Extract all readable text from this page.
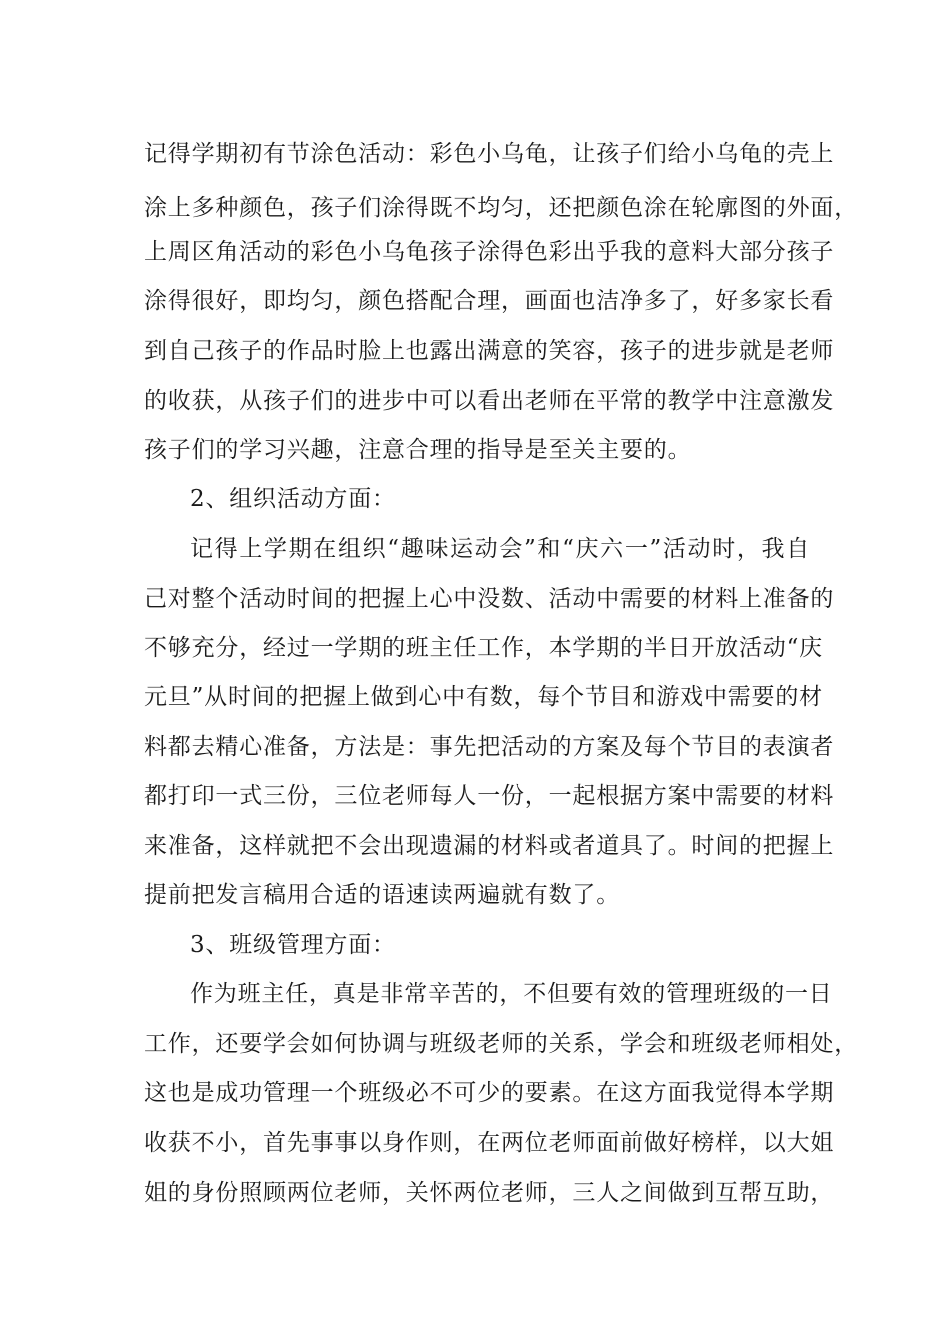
记得学期初有节涂色活动：彩色小乌龟，让孩子们给小乌龟的壳上

涂上多种颜色，孩子们涂得既不均匀，还把颜色涂在轮廓图的外面，

上周区角活动的彩色小乌龟孩子涂得色彩出乎我的意料大部分孩子

涂得很好，即均匀，颜色搭配合理，画面也洁净多了，好多家长看

到自己孩子的作品时脸上也露出满意的笑容，孩子的进步就是老师

的收获，从孩子们的进步中可以看出老师在平常的教学中注意激发

孩子们的学习兴趣，注意合理的指导是至关主要的。

2、组织活动方面：

记得上学期在组织“趣味运动会”和“庆六一”活动时，我自

己对整个活动时间的把握上心中没数、活动中需要的材料上准备的

不够充分，经过一学期的班主任工作，本学期的半日开放活动“庆

元旦”从时间的把握上做到心中有数，每个节目和游戏中需要的材

料都去精心准备，方法是：事先把活动的方案及每个节目的表演者

都打印一式三份，三位老师每人一份，一起根据方案中需要的材料

来准备，这样就把不会出现遗漏的材料或者道具了。时间的把握上

提前把发言稿用合适的语速读两遍就有数了。

3、班级管理方面：

作为班主任，真是非常辛苦的，不但要有效的管理班级的一日

工作，还要学会如何协调与班级老师的关系，学会和班级老师相处，

这也是成功管理一个班级必不可少的要素。在这方面我觉得本学期

收获不小，首先事事以身作则，在两位老师面前做好榜样，以大姐

姐的身份照顾两位老师，关怀两位老师，三人之间做到互帮互助，
